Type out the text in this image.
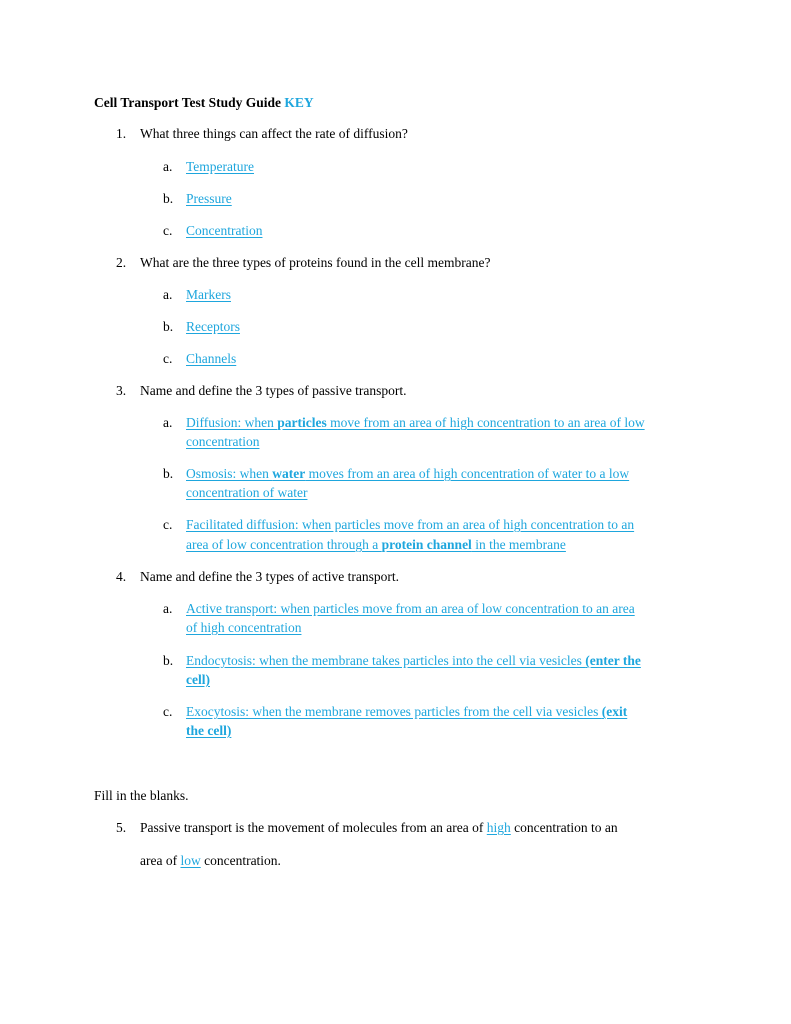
Cell Transport Test Study Guide KEY
1. What three things can affect the rate of diffusion?
a. Temperature
b. Pressure
c. Concentration
2. What are the three types of proteins found in the cell membrane?
a. Markers
b. Receptors
c. Channels
3. Name and define the 3 types of passive transport.
a. Diffusion: when particles move from an area of high concentration to an area of low
concentration
b. Osmosis: when water moves from an area of high concentration of water to a low
concentration of water
c. Facilitated diffusion: when particles move from an area of high concentration to an
area of low concentration through a protein channel in the membrane
4. Name and define the 3 types of active transport.
a. Active transport: when particles move from an area of low concentration to an area
of high concentration
b. Endocytosis: when the membrane takes particles into the cell via vesicles (enter the
cell)
c. Exocytosis: when the membrane removes particles from the cell via vesicles (exit
the cell)
Fill in the blanks.
5. Passive transport is the movement of molecules from an area of high concentration to an
area of low concentration.
